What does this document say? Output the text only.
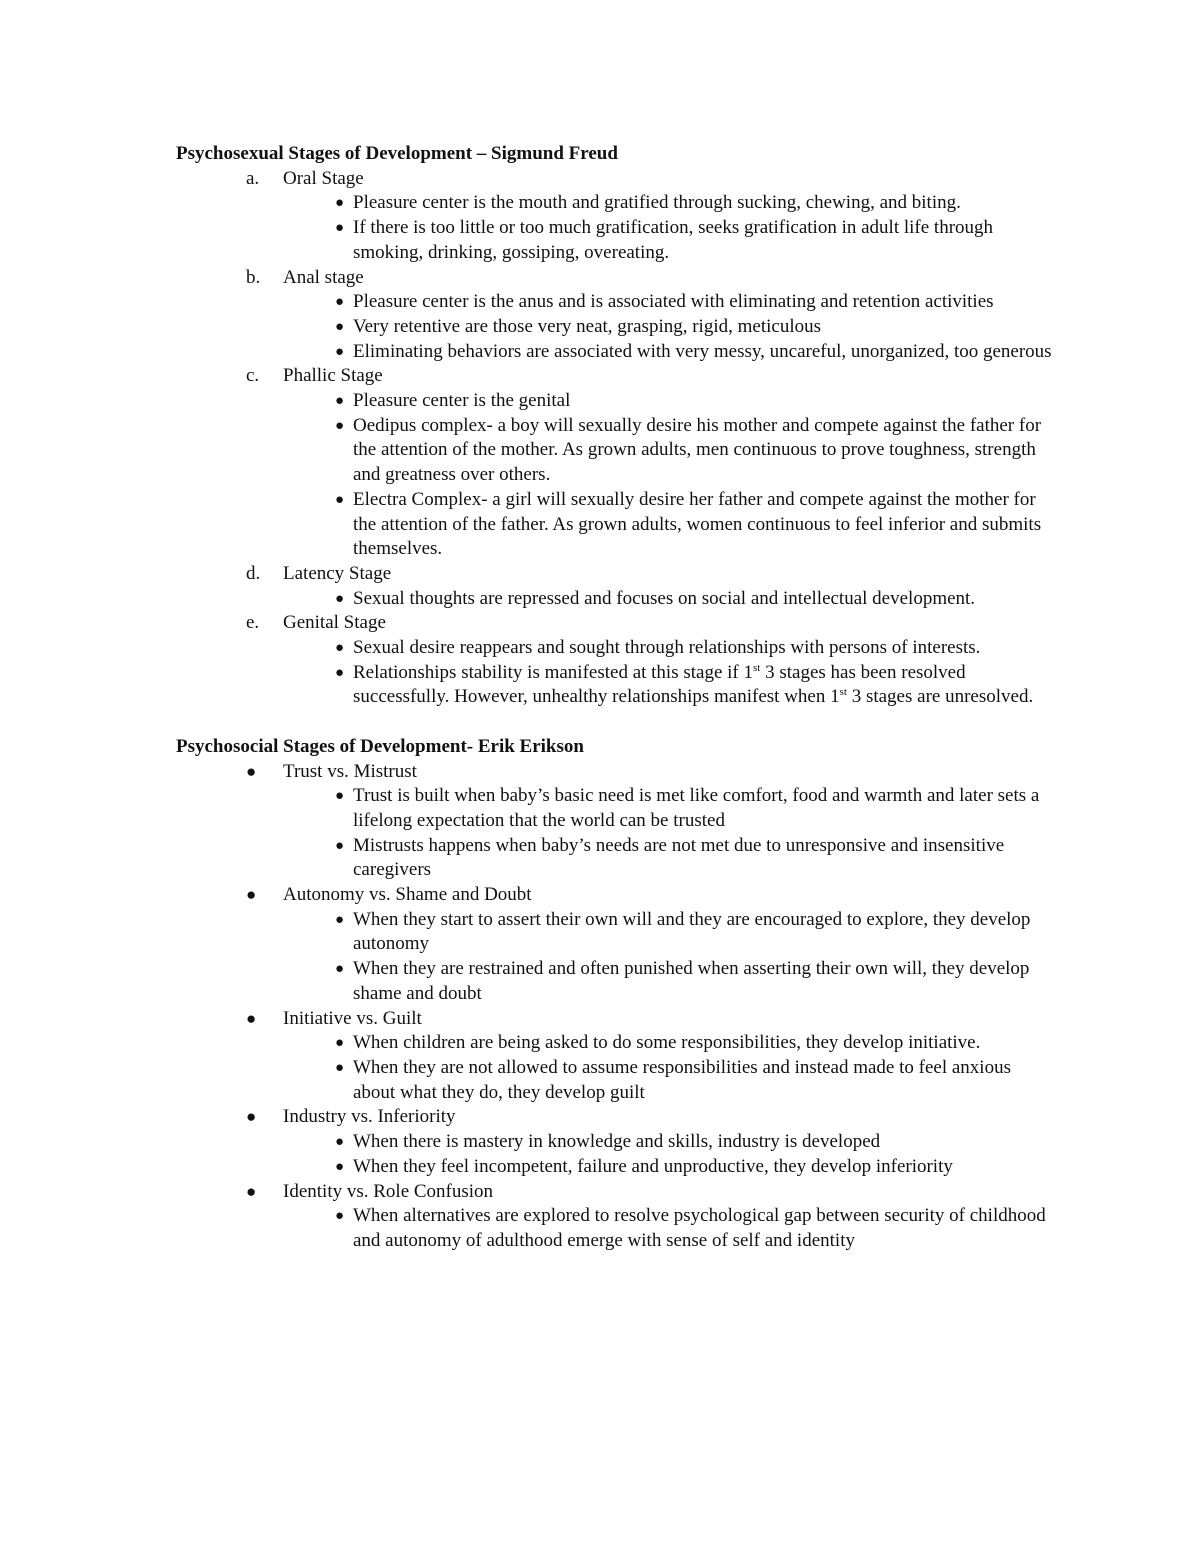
Psychosexual Stages of Development – Sigmund Freud
a. Oral Stage
● Pleasure center is the mouth and gratified through sucking, chewing, and biting.
● If there is too little or too much gratification, seeks gratification in adult life through smoking, drinking, gossiping, overeating.
b. Anal stage
● Pleasure center is the anus and is associated with eliminating and retention activities
● Very retentive are those very neat, grasping, rigid, meticulous
● Eliminating behaviors are associated with very messy, uncareful, unorganized, too generous
c. Phallic Stage
● Pleasure center is the genital
● Oedipus complex- a boy will sexually desire his mother and compete against the father for the attention of the mother. As grown adults, men continuous to prove toughness, strength and greatness over others.
● Electra Complex- a girl will sexually desire her father and compete against the mother for the attention of the father. As grown adults, women continuous to feel inferior and submits themselves.
d. Latency Stage
● Sexual thoughts are repressed and focuses on social and intellectual development.
e. Genital Stage
● Sexual desire reappears and sought through relationships with persons of interests.
● Relationships stability is manifested at this stage if 1st 3 stages has been resolved successfully. However, unhealthy relationships manifest when 1st 3 stages are unresolved.
Psychosocial Stages of Development- Erik Erikson
● Trust vs. Mistrust
● Trust is built when baby’s basic need is met like comfort, food and warmth and later sets a lifelong expectation that the world can be trusted
● Mistrusts happens when baby’s needs are not met due to unresponsive and insensitive caregivers
● Autonomy vs. Shame and Doubt
● When they start to assert their own will and they are encouraged to explore, they develop autonomy
● When they are restrained and often punished when asserting their own will, they develop shame and doubt
● Initiative vs. Guilt
● When children are being asked to do some responsibilities, they develop initiative.
● When they are not allowed to assume responsibilities and instead made to feel anxious about what they do, they develop guilt
● Industry vs. Inferiority
● When there is mastery in knowledge and skills, industry is developed
● When they feel incompetent, failure and unproductive, they develop inferiority
● Identity vs. Role Confusion
● When alternatives are explored to resolve psychological gap between security of childhood and autonomy of adulthood emerge with sense of self and identity
